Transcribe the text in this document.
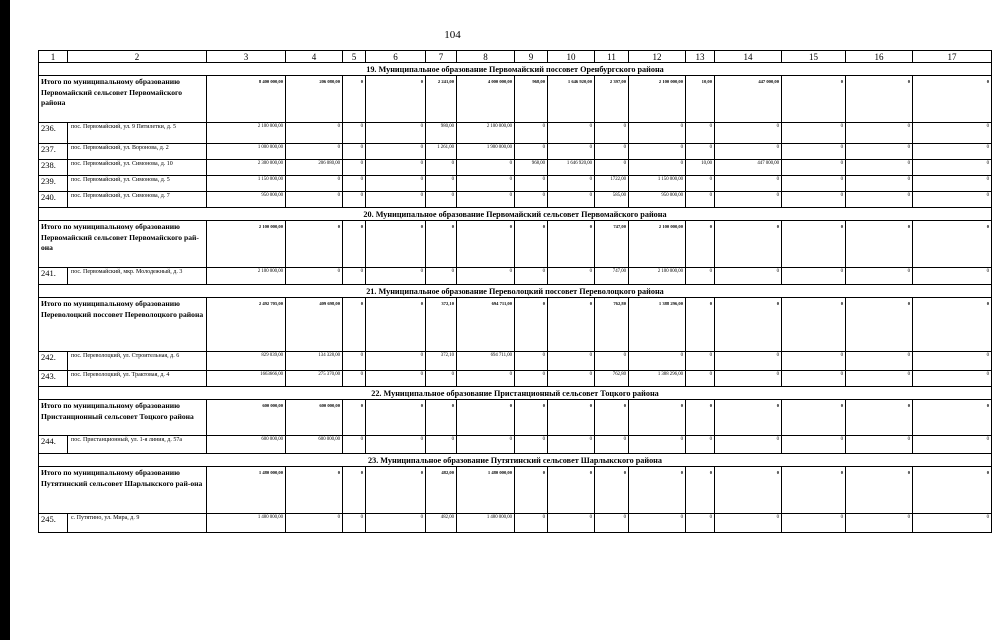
104
1	2	3	4	5	6	7	8	9	10	11	12	13	14	15	16	17
19. Муниципальное образование Первомайский поссовет Оренбургского района																
Итого по муниципальному образованию Первомайский сельсовет Первомайского района		8 400 000,00	206 080,00	0	0	2 241,00	4 000 000,00	968,00	1 646 920,00	2 397,00	2 100 000,00	10,00	447 000,00	0	0	0
236.	пос. Первомайский, ул. 9 Пятилетки, д. 5	2 100 000,00	0	0	0	980,00	2 100 000,00	0	0	0	0	0	0	0	0	0
237.	пос. Первомайский, ул. Воронова, д. 2	1 000 000,00	0	0	0	1 261,00	1 900 000,00	0	0	0	0	0	0	0	0	0
238.	пос. Первомайский, ул. Симонова, д. 10	2 300 000,00	206 080,00	0	0	0	0	968,00	1 646 920,00	0	0	10,00	447 000,00	0	0	0
239.	пос. Первомайский, ул. Симонова, д. 5	1 150 000,00	0	0	0	0	0	0	0	1722,00	1 150 000,00	0	0	0	0	0
240.	пос. Первомайский, ул. Симонова, д. 7	950 000,00	0	0	0	0	0	0	0	585,00	950 000,00	0	0	0	0	0
20. Муниципальное образование Первомайский сельсовет Первомайского района																
Итого по муниципальному образованию Первомайский сельсовет Первомайского рай-она		2 100 000,00	0	0	0	0	0	0	0	747,00	2 100 000,00	0	0	0	0	0
241.	пос. Первомайский, мкр. Молодежный, д. 3	2 100 000,00	0	0	0	0	0	0	0	747,00	2 100 000,00	0	0	0	0	0
21. Муниципальное образование Переволоцкий поссовет Переволоцкого района																
Итого по муниципальному образованию Переволоцкий поссовет Переволоцкого района		2 492 705,00	409 698,00	0	0	372,10	694 711,00	0	0	762,80	1 388 296,00	0	0	0	0	0
242.	пос. Переволоцкий, ул. Строительная, д. 6	829 039,00	134 328,00	0	0	372,10	694 711,00	0	0	0	0	0	0	0	0	0
243.	пос. Переволоцкий, ул. Трактовая, д. 4	1663666,00	275 370,00	0	0	0	0	0	0	762,80	1 388 296,00	0	0	0	0	0
22. Муниципальное образование Пристанционный сельсовет Тоцкого района																
Итого по муниципальному образованию Пристанционный сельсовет Тоцкого района		600 000,00	600 000,00	0	0	0	0	0	0	0	0	0	0	0	0	0
244.	пос. Пристанционный, ул. 1-я линия, д. 57а	600 000,00	600 000,00	0	0	0	0	0	0	0	0	0	0	0	0	0
23. Муниципальное образование Путятинский сельсовет Шарлыкского района																
Итого по муниципальному образованию Путятинский сельсовет Шарлыкского рай-она		1 480 000,00	0	0	0	482,00	1 480 000,00	0	0	0	0	0	0	0	0	0
245.	с. Путятино, ул. Мира, д. 9	1 480 000,00	0	0	0	482,00	1 480 000,00	0	0	0	0	0	0	0	0	0
